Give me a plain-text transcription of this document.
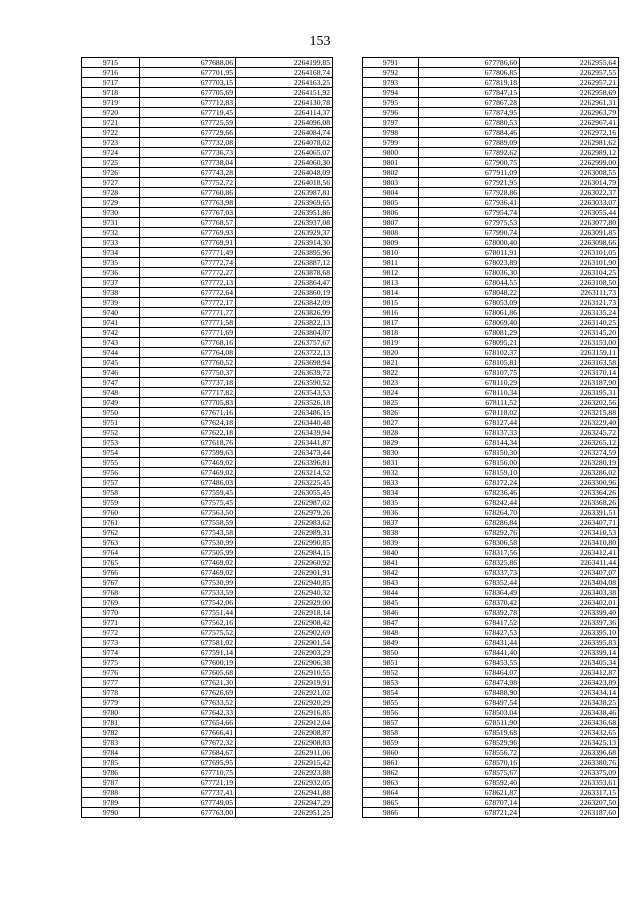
153
9715	677688,06	2264199,85
9716	677701,95	2264168,74
9717	677703,15	2264163,25
9718	677705,69	2264151,92
9719	677712,83	2264130,78
9720	677719,45	2264114,37
9721	677725,59	2264096,08
9722	677729,66	2264084,74
9723	677732,08	2264078,02
9724	677736,73	2264065,07
9725	677738,04	2264060,30
9726	677743,28	2264048,09
9727	677752,72	2264018,56
9728	677760,86	2263987,81
9729	677763,98	2263969,65
9730	677767,03	2263951,86
9731	677768,57	2263937,08
9732	677769,93	2263929,37
9733	677769,91	2263914,30
9734	677771,49	2263895,96
9735	677772,74	2263887,12
9736	677772,27	2263878,68
9737	677772,13	2263864,47
9738	677772,64	2263860,19
9739	677772,17	2263842,09
9740	677771,77	2263826,99
9741	677771,58	2263822,13
9742	677771,69	2263804,07
9743	677768,16	2263757,67
9744	677764,08	2263722,13
9745	677760,52	2263698,94
9746	677750,37	2263639,72
9747	677737,18	2263590,52
9748	677717,82	2263543,53
9749	677705,83	2263526,18
9750	677671,16	2263486,15
9751	677624,18	2263440,48
9752	677622,18	2263439,94
9753	677618,76	2263441,87
9754	677599,63	2263473,44
9755	677469,02	2263396,81
9756	677469,02	2263214,52
9757	677486,03	2263225,45
9758	677559,45	2263055,45
9759	677575,45	2262987,02
9760	677563,50	2262979,26
9761	677558,59	2262983,62
9762	677543,58	2262989,31
9763	677530,99	2262990,85
9764	677505,99	2262984,15
9765	677469,02	2262960,92
9766	677469,02	2262901,91
9767	677530,99	2262940,85
9768	677533,59	2262940,32
9769	677542,06	2262929,00
9770	677551,44	2262918,14
9771	677562,16	2262908,42
9772	677575,52	2262902,69
9773	677581,02	2262901,54
9774	677591,14	2262903,29
9775	677600,19	2262906,38
9776	677605,68	2262910,55
9777	677621,30	2262919,91
9778	677626,69	2262921,02
9779	677633,52	2262920,29
9780	677642,33	2262916,85
9781	677654,66	2262912,04
9782	677666,41	2262908,87
9783	677672,32	2262908,83
9784	677684,67	2262911,06
9785	677695,95	2262915,42
9786	677710,75	2262923,88
9787	677721,19	2262932,05
9788	677737,41	2262941,88
9789	677749,05	2262947,29
9790	677763,00	2262951,25
9791	677786,60	2262955,64
9792	677806,85	2262957,55
9793	677819,18	2262957,21
9794	677847,15	2262958,69
9795	677867,28	2262961,31
9796	677874,95	2262963,79
9797	677880,53	2262967,41
9798	677884,46	2262972,16
9799	677889,09	2262981,62
9800	677892,62	2262989,12
9801	677900,75	2262999,00
9802	677911,09	2263008,55
9803	677921,95	2263014,79
9804	677928,86	2263022,37
9805	677936,41	2263033,07
9806	677954,74	2263055,44
9807	677975,53	2263077,80
9808	677990,74	2263091,85
9809	678000,40	2263098,66
9810	678011,91	2263101,05
9811	678023,89	2263101,90
9812	678036,30	2263104,25
9813	678044,55	2263108,50
9814	678048,22	2263111,73
9815	678053,09	2263121,73
9816	678061,86	2263135,24
9817	678069,40	2263140,25
9818	678081,29	2263145,20
9819	678095,21	2263153,00
9820	678102,37	2263159,11
9821	678105,81	2263163,58
9822	678107,75	2263170,14
9823	678110,29	2263187,90
9824	678110,34	2263195,31
9825	678111,52	2263202,56
9826	678118,02	2263215,88
9827	678127,44	2263229,40
9828	678137,33	2263245,72
9829	678144,34	2263265,12
9830	678150,30	2263274,59
9831	678156,00	2263280,19
9832	678159,10	2263286,02
9833	678172,24	2263300,96
9834	678236,46	2263364,26
9835	678242,44	2263368,26
9836	678264,70	2263391,51
9837	678286,84	2263407,71
9838	678292,76	2263410,53
9839	678306,58	2263410,80
9840	678317,56	2263412,41
9841	678325,86	2263411,44
9842	678337,73	2263407,07
9843	678352,44	2263404,08
9844	678364,49	2263403,38
9845	678370,42	2263402,01
9846	678392,78	2263399,40
9847	678417,52	2263397,36
9848	678427,53	2263395,10
9849	678431,44	2263395,83
9850	678441,40	2263399,14
9851	678453,55	2263405,34
9852	678464,07	2263412,87
9853	678474,98	2263423,89
9854	678488,90	2263434,14
9855	678497,54	2263438,25
9856	678503,04	2263438,46
9857	678511,90	2263436,68
9858	678519,68	2263432,65
9859	678529,96	2263425,13
9860	678556,72	2263396,68
9861	678570,16	2263380,76
9862	678575,67	2263375,09
9863	678592,40	2263353,61
9864	678621,87	2263317,15
9865	678707,14	2263207,50
9866	678721,24	2263187,60
